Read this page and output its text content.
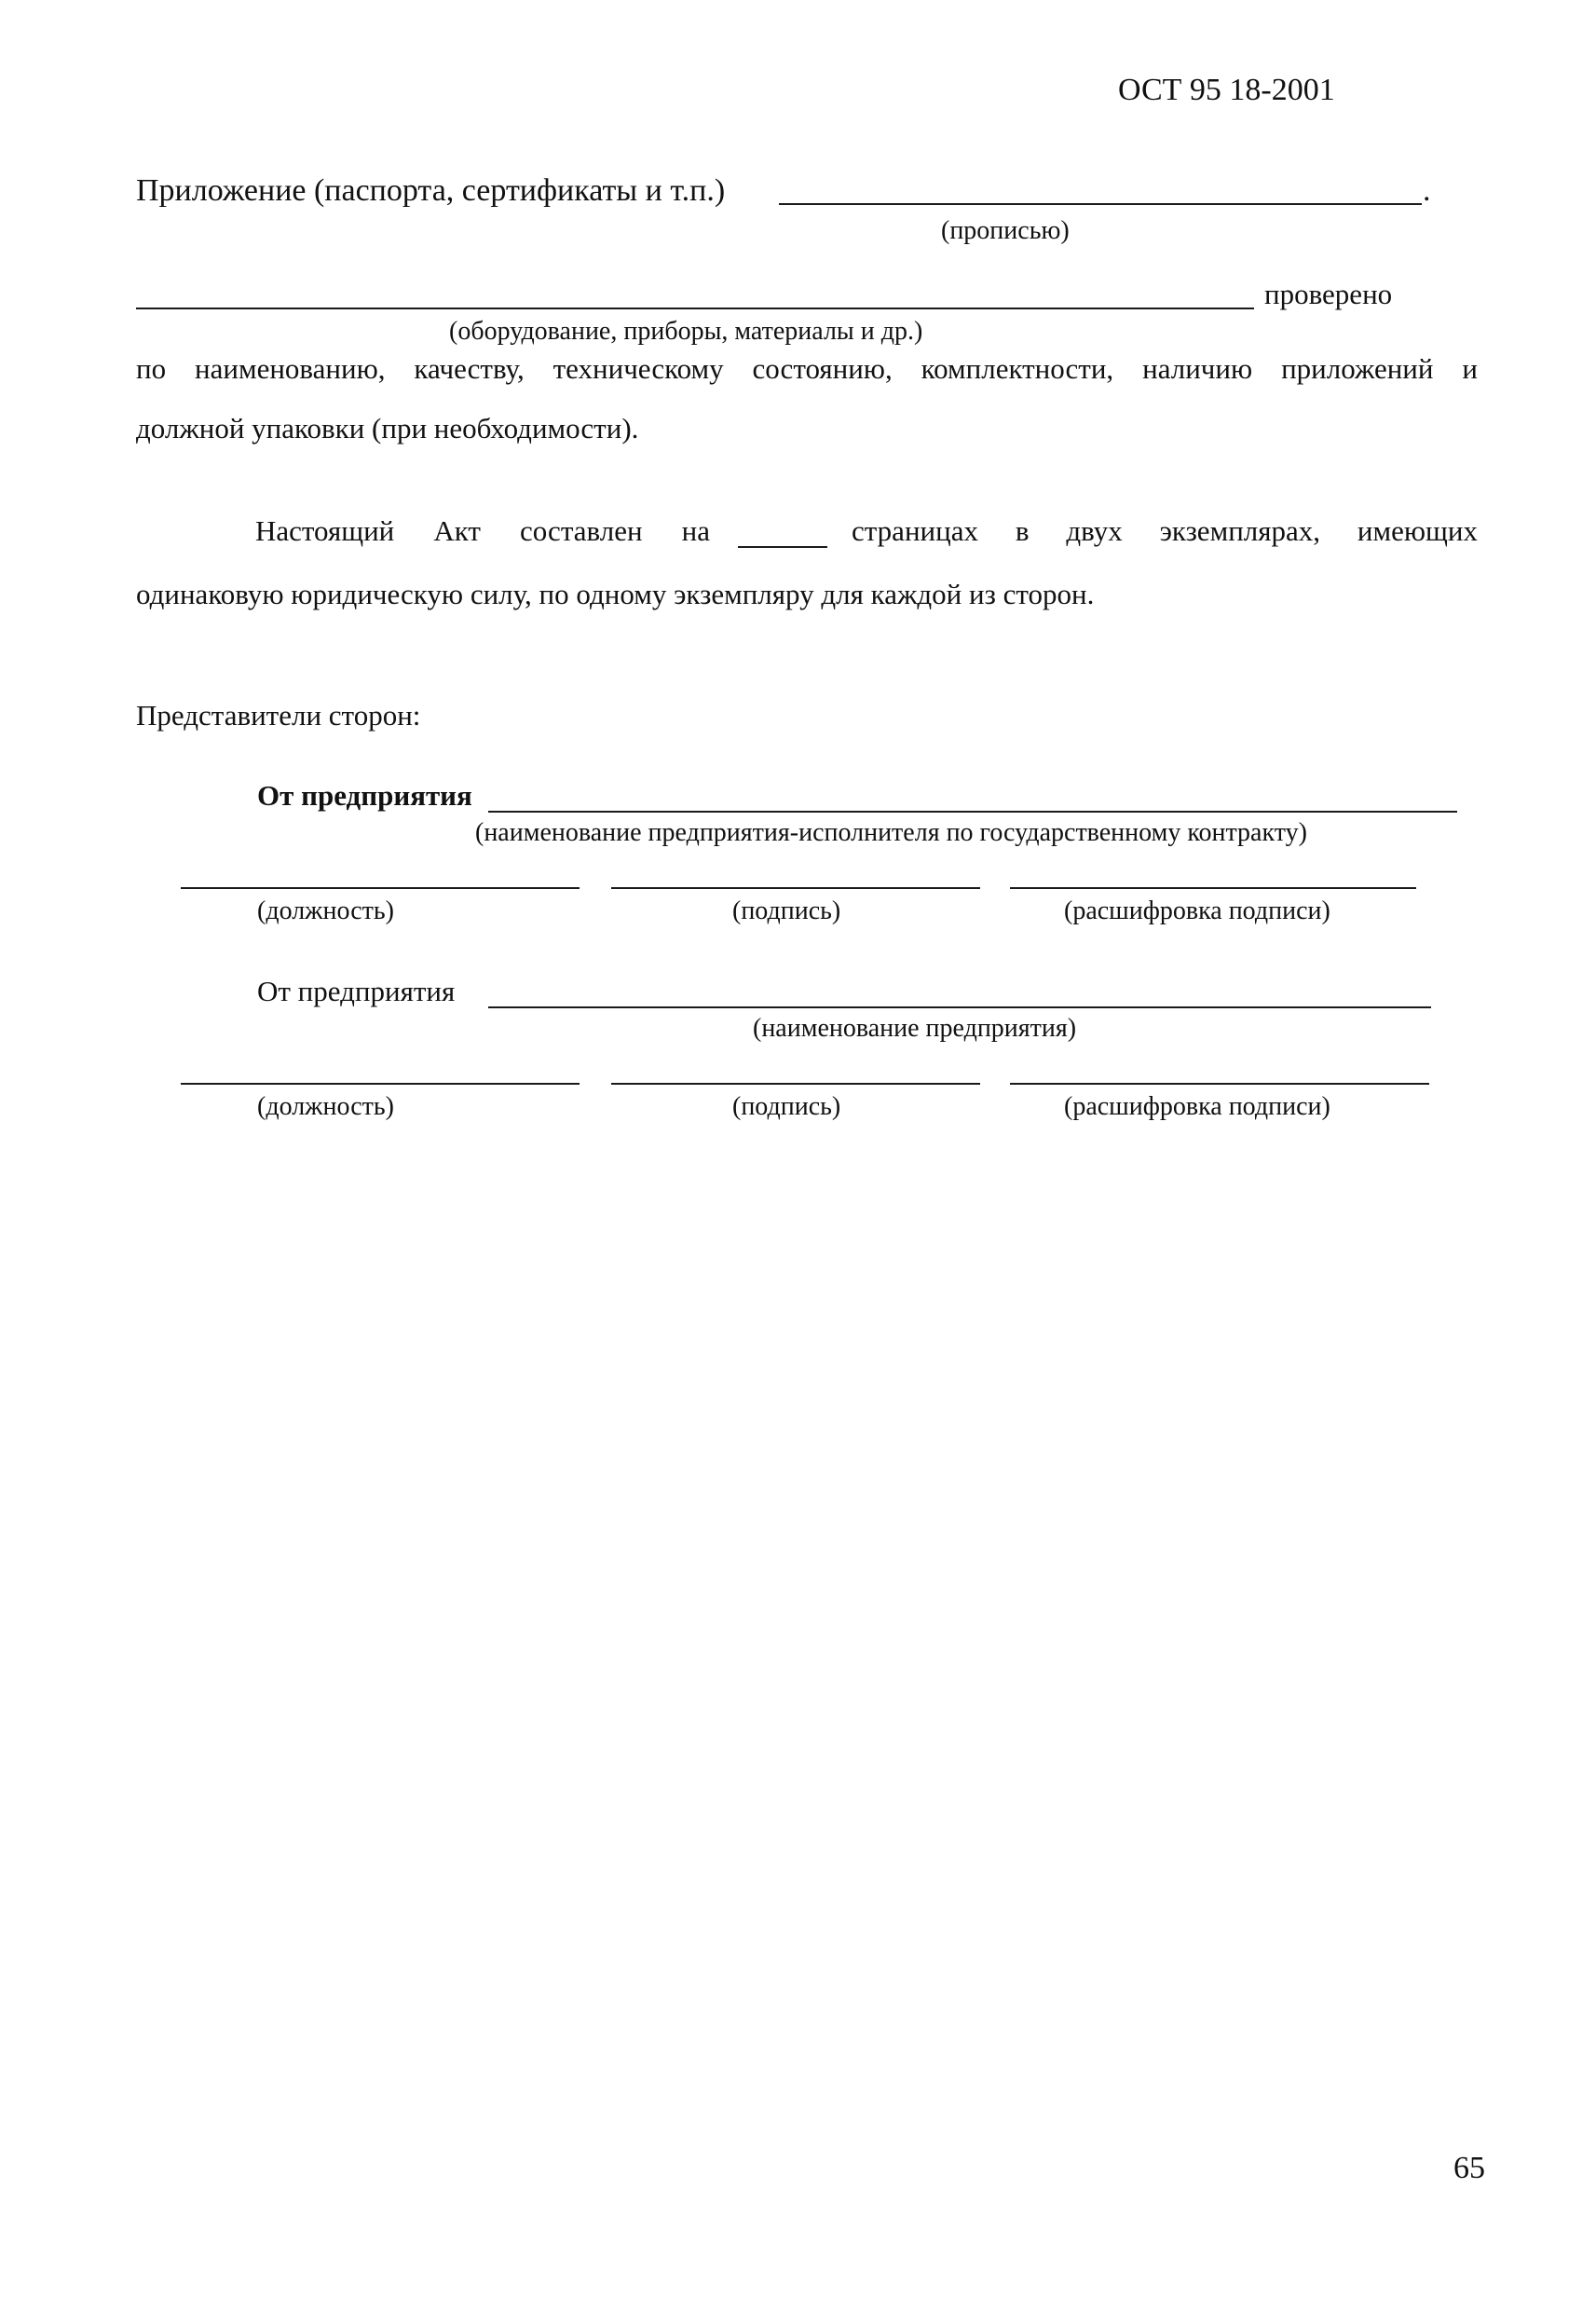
ОСТ 95 18-2001
Приложение (паспорта, сертификаты и т.п.)	.
(прописью)
проверено
(оборудование, приборы, материалы и др.)
по наименованию, качеству, техническому состоянию, комплектности, наличию приложений и
должной упаковки (при необходимости).
Настоящий Акт составлен на	страницах в двух экземплярах, имеющих
одинаковую юридическую силу, по одному экземпляру для каждой из сторон.
Представители сторон:
От предприятия
(наименование предприятия-исполнителя по государственному контракту)
(должность)	(подпись)	(расшифровка подписи)
От предприятия
(наименование предприятия)
(должность)	(подпись)	(расшифровка подписи)
65
